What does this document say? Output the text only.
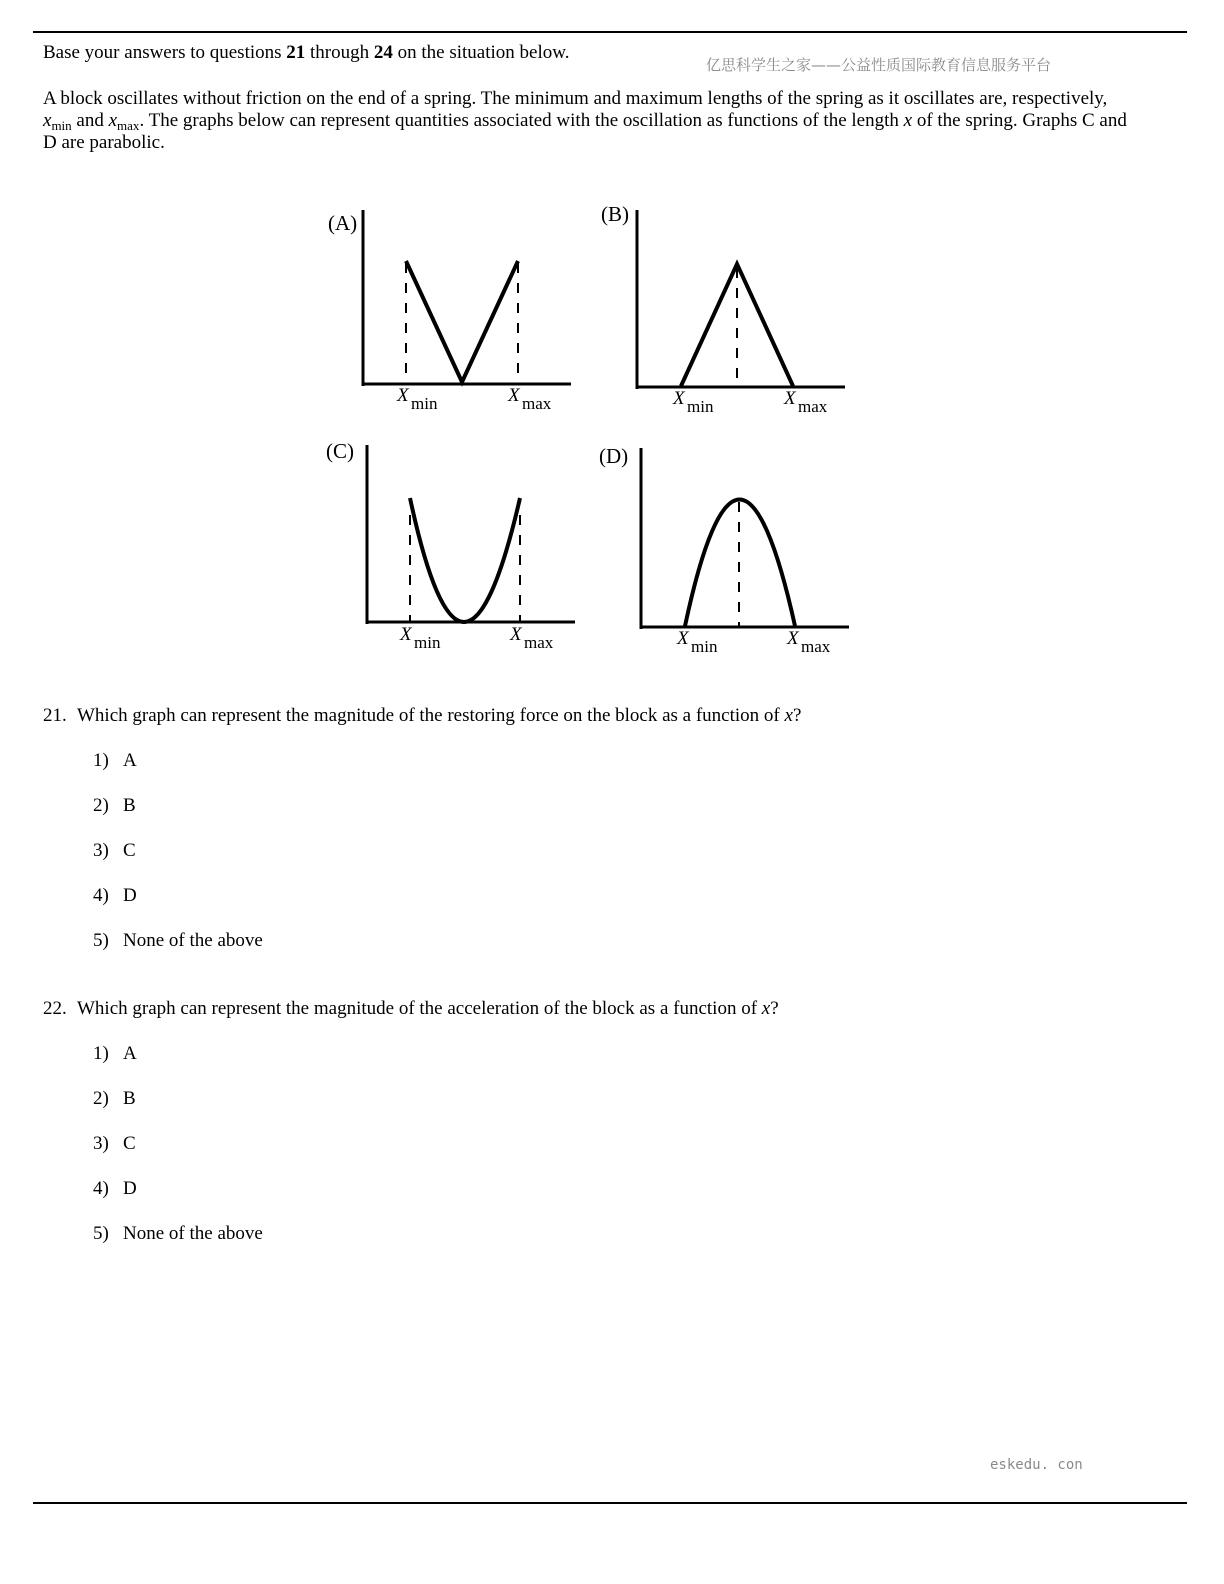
Base your answers to questions 21 through 24 on the situation below.
亿思科学生之家——公益性质国际教育信息服务平台
A block oscillates without friction on the end of a spring. The minimum and maximum lengths of the spring as it oscillates are, respectively,
$x_{min}$ and $x_{max}$. The graphs below can represent quantities associated with the oscillation as functions of the length x of the spring. Graphs C and
D are parabolic.
(A)
X min	X max
(B)
X min	X max
(C)
X min	X max
(D)
X min	X max
21. Which graph can represent the magnitude of the restoring force on the block as a function of x?
1) A
2) B
3) C
4) D
5) None of the above
22. Which graph can represent the magnitude of the acceleration of the block as a function of x?
1) A
2) B
3) C
4) D
5) None of the above
eskedu. con
